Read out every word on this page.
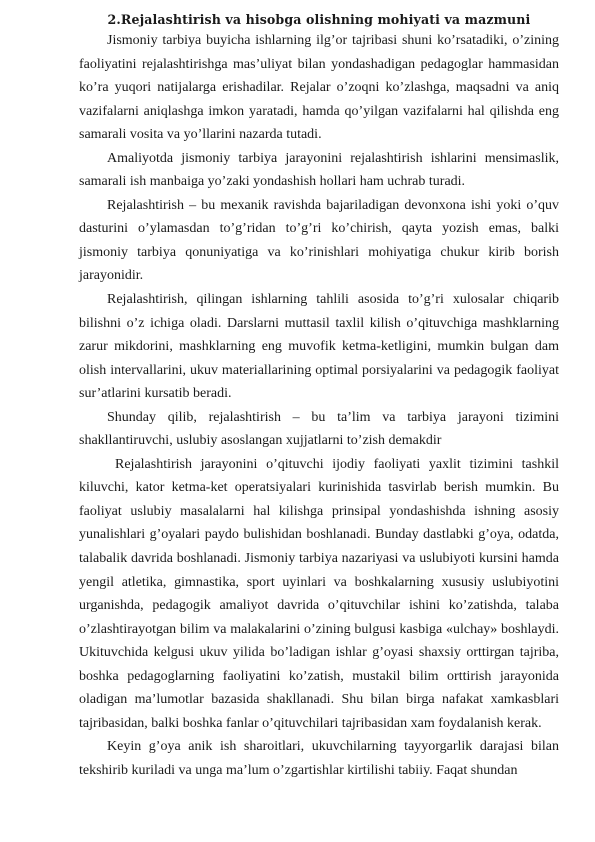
2.Rejalashtirish va hisobga olishning mohiyati va mazmuni

Jismoniy tarbiya buyicha ishlarning ilg’or tajribasi shuni ko’rsatadiki, o’zining faoliyatini rejalashtirishga mas’uliyat bilan yondashadigan pedagoglar hammasidan ko’ra yuqori natijalarga erishadilar. Rejalar o’zoqni ko’zlashga, maqsadni va aniq vazifalarni aniqlashga imkon yaratadi, hamda qo’yilgan vazifalarni hal qilishda eng samarali vosita va yo’llarini nazarda tutadi.

Amaliyotda jismoniy tarbiya jarayonini rejalashtirish ishlarini mensimaslik, samarali ish manbaiga yo’zaki yondashish hollari ham uchrab turadi.

Rejalashtirish – bu mexanik ravishda bajariladigan devonxona ishi yoki o’quv dasturini o’ylamasdan to’g’ridan to’g’ri ko’chirish, qayta yozish emas, balki jismoniy tarbiya qonuniyatiga va ko’rinishlari mohiyatiga chukur kirib borish jarayonidir.

Rejalashtirish, qilingan ishlarning tahlili asosida to’g’ri xulosalar chiqarib bilishni o’z ichiga oladi. Darslarni muttasil taxlil kilish o’qituvchiga mashklarning zarur mikdorini, mashklarning eng muvofik ketma-ketligini, mumkin bulgan dam olish intervallarini, ukuv materiallarining optimal porsiyalarini va pedagogik faoliyat sur’atlarini kursatib beradi.

Shunday qilib, rejalashtirish – bu ta’lim va tarbiya jarayoni tizimini shakllantiruvchi, uslubiy asoslangan xujjatlarni to’zish demakdir

Rejalashtirish jarayonini o’qituvchi ijodiy faoliyati yaxlit tizimini tashkil kiluvchi, kator ketma-ket operatsiyalari kurinishida tasvirlab berish mumkin. Bu faoliyat uslubiy masalalarni hal kilishga prinsipal yondashishda ishning asosiy yunalishlari g’oyalari paydo bulishidan boshlanadi. Bunday dastlabki g’oya, odatda, talabalik davrida boshlanadi. Jismoniy tarbiya nazariyasi va uslubiyoti kursini hamda yengil atletika, gimnastika, sport uyinlari va boshkalarning xususiy uslubiyotini urganishda, pedagogik amaliyot davrida o’qituvchilar ishini ko’zatishda, talaba o’zlashtirayotgan bilim va malakalarini o’zining bulgusi kasbiga «ulchay» boshlaydi. Ukituvchida kelgusi ukuv yilida bo’ladigan ishlar g’oyasi shaxsiy orttirgan tajriba, boshka pedagoglarning faoliyatini ko’zatish, mustakil bilim orttirish jarayonida oladigan ma’lumotlar bazasida shakllanadi. Shu bilan birga nafakat xamkasblari tajribasidan, balki boshka fanlar o’qituvchilari tajribasidan xam foydalanish kerak.

Keyin g’oya anik ish sharoitlari, ukuvchilarning tayyorgarlik darajasi bilan tekshirib kuriladi va unga ma’lum o’zgartishlar kirtilishi tabiiy. Faqat shundan
